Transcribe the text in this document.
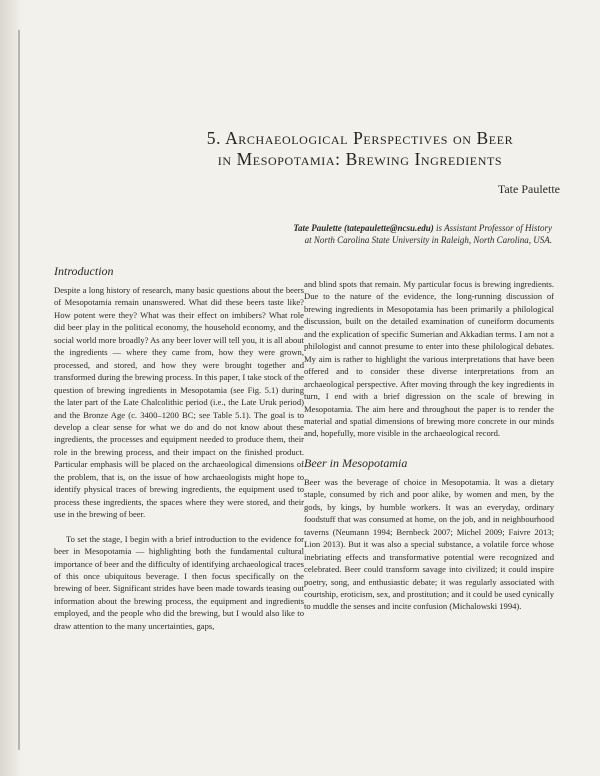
5. Archaeological Perspectives on Beer
in Mesopotamia: Brewing Ingredients
Tate Paulette
Tate Paulette (tatepaulette@ncsu.edu) is Assistant Professor of History
at North Carolina State University in Raleigh, North Carolina, USA.
Introduction

Despite a long history of research, many basic questions about the beers of Mesopotamia remain unanswered. What did these beers taste like? How potent were they? What was their effect on imbibers? What role did beer play in the political economy, the household economy, and the social world more broadly? As any beer lover will tell you, it is all about the ingredients — where they came from, how they were grown, processed, and stored, and how they were brought together and transformed during the brewing process. In this paper, I take stock of the question of brewing ingredients in Mesopotamia (see Fig. 5.1) during the later part of the Late Chalcolithic period (i.e., the Late Uruk period) and the Bronze Age (c. 3400–1200 BC; see Table 5.1). The goal is to develop a clear sense for what we do and do not know about these ingredients, the processes and equipment needed to produce them, their role in the brewing process, and their impact on the finished product. Particular emphasis will be placed on the archaeological dimensions of the problem, that is, on the issue of how archaeologists might hope to identify physical traces of brewing ingredients, the equipment used to process these ingredients, the spaces where they were stored, and their use in the brewing of beer.

To set the stage, I begin with a brief introduction to the evidence for beer in Mesopotamia — highlighting both the fundamental cultural importance of beer and the difficulty of identifying archaeological traces of this once ubiquitous beverage. I then focus specifically on the brewing of beer. Significant strides have been made towards teasing out information about the brewing process, the equipment and ingredients employed, and the people who did the brewing, but I would also like to draw attention to the many uncertainties, gaps,

and blind spots that remain. My particular focus is brewing ingredients. Due to the nature of the evidence, the long-running discussion of brewing ingredients in Mesopotamia has been primarily a philological discussion, built on the detailed examination of cuneiform documents and the explication of specific Sumerian and Akkadian terms. I am not a philologist and cannot presume to enter into these philological debates. My aim is rather to highlight the various interpretations that have been offered and to consider these diverse interpretations from an archaeological perspective. After moving through the key ingredients in turn, I end with a brief digression on the scale of brewing in Mesopotamia. The aim here and throughout the paper is to render the material and spatial dimensions of brewing more concrete in our minds and, hopefully, more visible in the archaeological record.

Beer in Mesopotamia

Beer was the beverage of choice in Mesopotamia. It was a dietary staple, consumed by rich and poor alike, by women and men, by the gods, by kings, by humble workers. It was an everyday, ordinary foodstuff that was consumed at home, on the job, and in neighbourhood taverns (Neumann 1994; Bernbeck 2007; Michel 2009; Faivre 2013; Lion 2013). But it was also a special substance, a volatile force whose inebriating effects and transformative potential were recognized and celebrated. Beer could transform savage into civilized; it could inspire poetry, song, and enthusiastic debate; it was regularly associated with courtship, eroticism, sex, and prostitution; and it could be used cynically to muddle the senses and incite confusion (Michalowski 1994).
